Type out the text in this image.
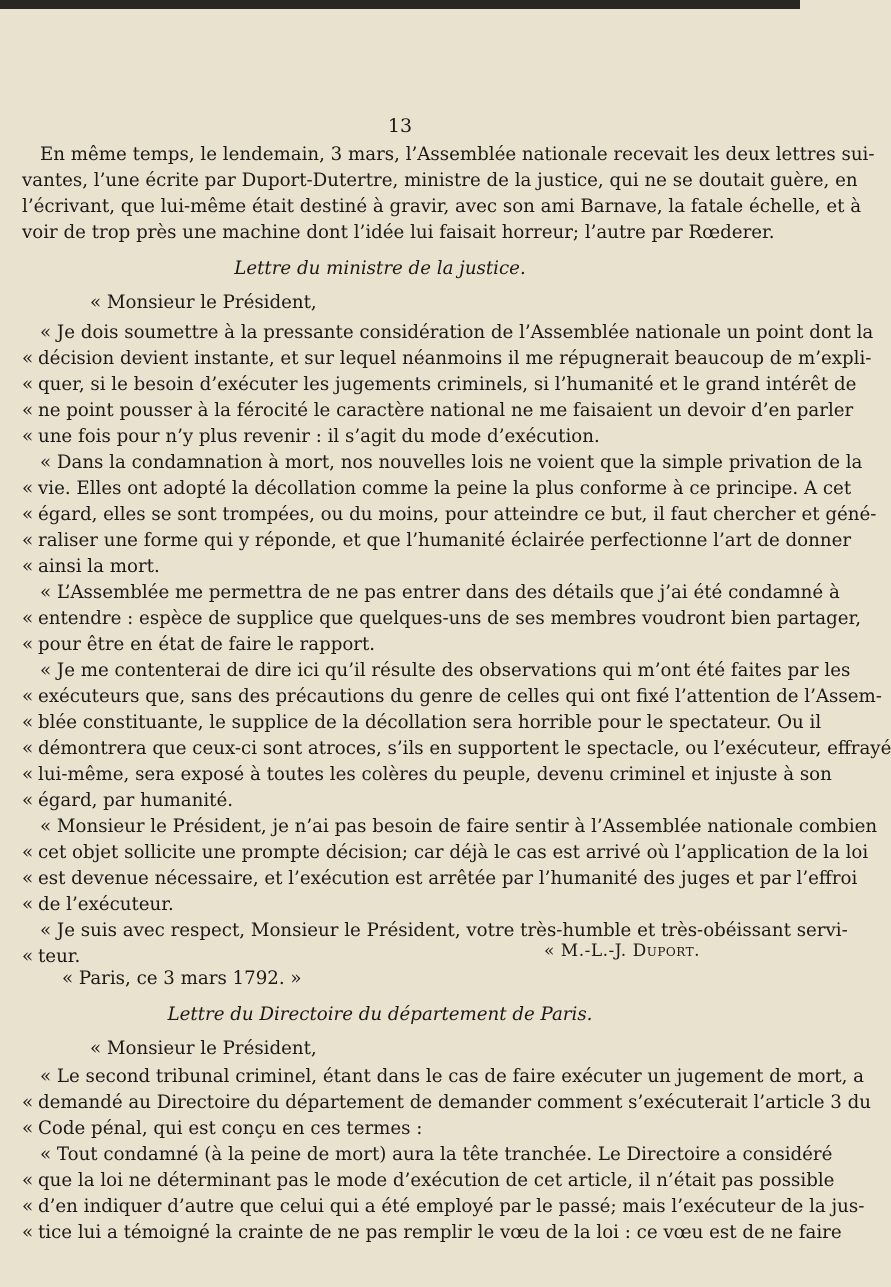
13
En même temps, le lendemain, 3 mars, l’Assemblée nationale recevait les deux lettres sui-
vantes, l’une écrite par Duport-Dutertre, ministre de la justice, qui ne se doutait guère, en
l’écrivant, que lui-même était destiné à gravir, avec son ami Barnave, la fatale échelle, et à
voir de trop près une machine dont l’idée lui faisait horreur; l’autre par Rœderer.
Lettre du ministre de la justice.
« Monsieur le Président,
« Je dois soumettre à la pressante considération de l’Assemblée nationale un point dont la
« décision devient instante, et sur lequel néanmoins il me répugnerait beaucoup de m’expli-
« quer, si le besoin d’exécuter les jugements criminels, si l’humanité et le grand intérêt de
« ne point pousser à la férocité le caractère national ne me faisaient un devoir d’en parler
« une fois pour n’y plus revenir : il s’agit du mode d’exécution.
« Dans la condamnation à mort, nos nouvelles lois ne voient que la simple privation de la
« vie. Elles ont adopté la décollation comme la peine la plus conforme à ce principe. A cet
« égard, elles se sont trompées, ou du moins, pour atteindre ce but, il faut chercher et géné-
« raliser une forme qui y réponde, et que l’humanité éclairée perfectionne l’art de donner
« ainsi la mort.
« L’Assemblée me permettra de ne pas entrer dans des détails que j’ai été condamné à
« entendre : espèce de supplice que quelques-uns de ses membres voudront bien partager,
« pour être en état de faire le rapport.
« Je me contenterai de dire ici qu’il résulte des observations qui m’ont été faites par les
« exécuteurs que, sans des précautions du genre de celles qui ont fixé l’attention de l’Assem-
« blée constituante, le supplice de la décollation sera horrible pour le spectateur. Ou il
« démontrera que ceux-ci sont atroces, s’ils en supportent le spectacle, ou l’exécuteur, effrayé
« lui-même, sera exposé à toutes les colères du peuple, devenu criminel et injuste à son
« égard, par humanité.
« Monsieur le Président, je n’ai pas besoin de faire sentir à l’Assemblée nationale combien
« cet objet sollicite une prompte décision; car déjà le cas est arrivé où l’application de la loi
« est devenue nécessaire, et l’exécution est arrêtée par l’humanité des juges et par l’effroi
« de l’exécuteur.
« Je suis avec respect, Monsieur le Président, votre très-humble et très-obéissant servi-
« teur.	« M.-L.-J. Duport.
« Paris, ce 3 mars 1792. »
Lettre du Directoire du département de Paris.
« Monsieur le Président,
« Le second tribunal criminel, étant dans le cas de faire exécuter un jugement de mort, a
« demandé au Directoire du département de demander comment s’exécuterait l’article 3 du
« Code pénal, qui est conçu en ces termes :
« Tout condamné (à la peine de mort) aura la tête tranchée. Le Directoire a considéré
« que la loi ne déterminant pas le mode d’exécution de cet article, il n’était pas possible
« d’en indiquer d’autre que celui qui a été employé par le passé; mais l’exécuteur de la jus-
« tice lui a témoigné la crainte de ne pas remplir le vœu de la loi : ce vœu est de ne faire
